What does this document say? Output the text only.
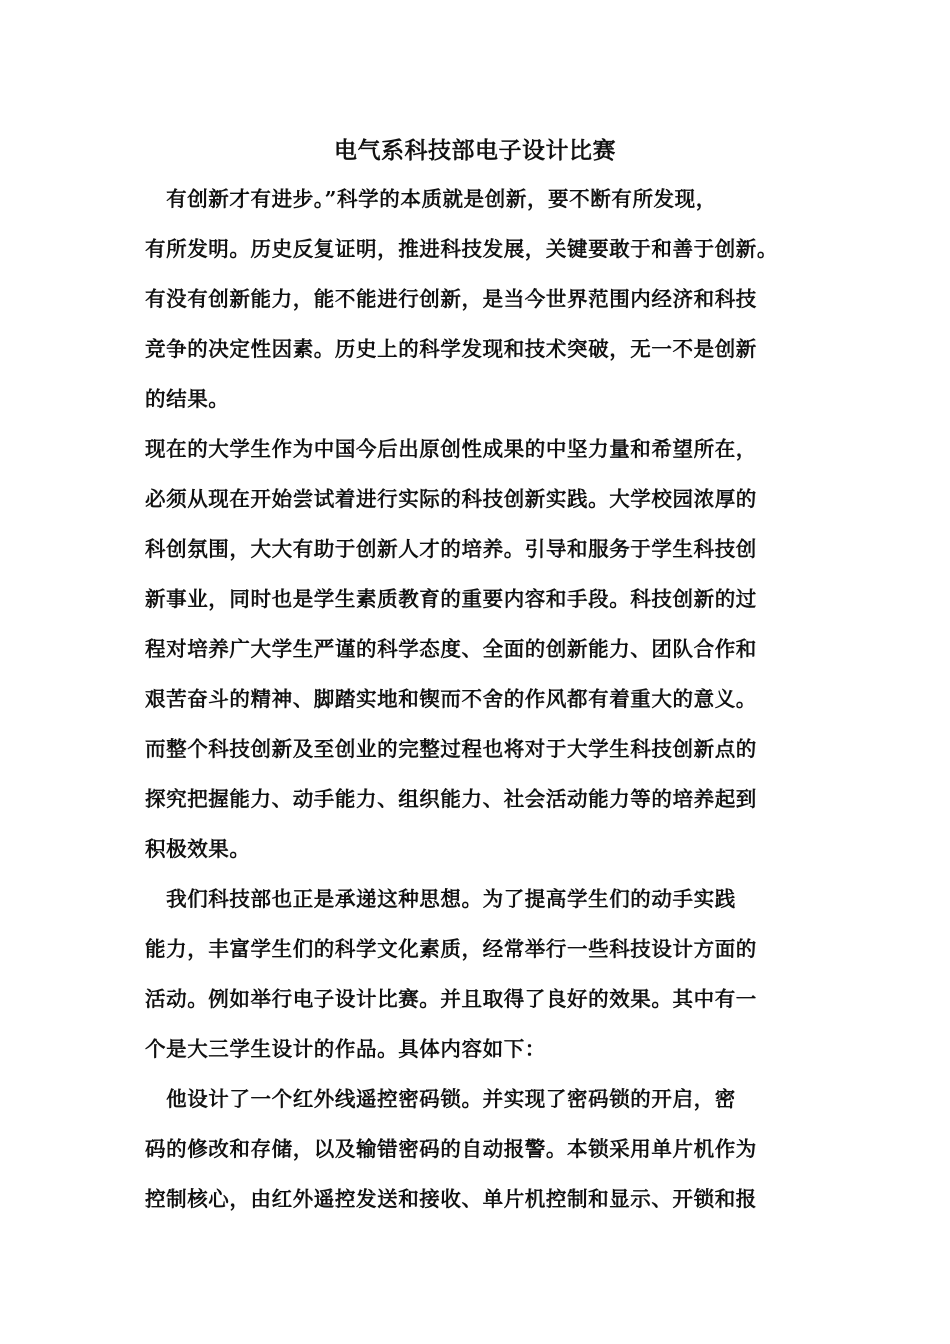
电气系科技部电子设计比赛
　有创新才有进步。”科学的本质就是创新，要不断有所发现，
有所发明。历史反复证明，推进科技发展，关键要敢于和善于创新。
有没有创新能力，能不能进行创新，是当今世界范围内经济和科技
竞争的决定性因素。历史上的科学发现和技术突破，无一不是创新
的结果。
现在的大学生作为中国今后出原创性成果的中坚力量和希望所在，
必须从现在开始尝试着进行实际的科技创新实践。大学校园浓厚的
科创氛围，大大有助于创新人才的培养。引导和服务于学生科技创
新事业，同时也是学生素质教育的重要内容和手段。科技创新的过
程对培养广大学生严谨的科学态度、全面的创新能力、团队合作和
艰苦奋斗的精神、脚踏实地和锲而不舍的作风都有着重大的意义。
而整个科技创新及至创业的完整过程也将对于大学生科技创新点的
探究把握能力、动手能力、组织能力、社会活动能力等的培养起到
积极效果。
　我们科技部也正是承递这种思想。为了提高学生们的动手实践
能力，丰富学生们的科学文化素质，经常举行一些科技设计方面的
活动。例如举行电子设计比赛。并且取得了良好的效果。其中有一
个是大三学生设计的作品。具体内容如下：
　他设计了一个红外线遥控密码锁。并实现了密码锁的开启，密
码的修改和存储，以及输错密码的自动报警。本锁采用单片机作为
控制核心，由红外遥控发送和接收、单片机控制和显示、开锁和报
